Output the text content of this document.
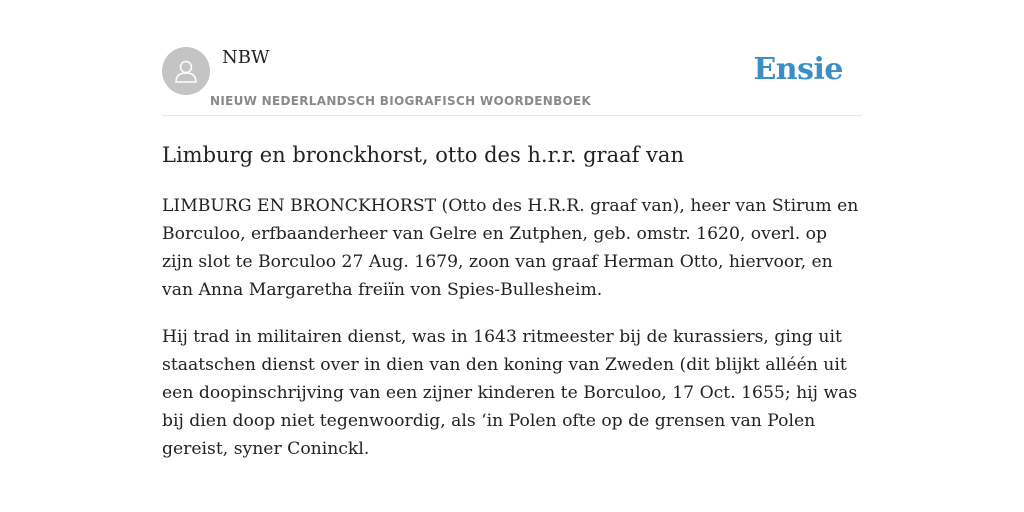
NBW
NIEUW NEDERLANDSCH BIOGRAFISCH WOORDENBOEK
Ensie
Limburg en bronckhorst, otto des h.r.r. graaf van

LIMBURG EN BRONCKHORST (Otto des H.R.R. graaf van), heer van Stirum en Borculoo, erfbaanderheer van Gelre en Zutphen, geb. omstr. 1620, overl. op zijn slot te Borculoo 27 Aug. 1679, zoon van graaf Herman Otto, hiervoor, en van Anna Margaretha freiïn von Spies-Bullesheim.

Hij trad in militairen dienst, was in 1643 ritmeester bij de kurassiers, ging uit staatschen dienst over in dien van den koning van Zweden (dit blijkt alléén uit een doopinschrijving van een zijner kinderen te Borculoo, 17 Oct. 1655; hij was bij dien doop niet tegenwoordig, als ‘in Polen ofte op de grensen van Polen gereist, syner Coninckl.
